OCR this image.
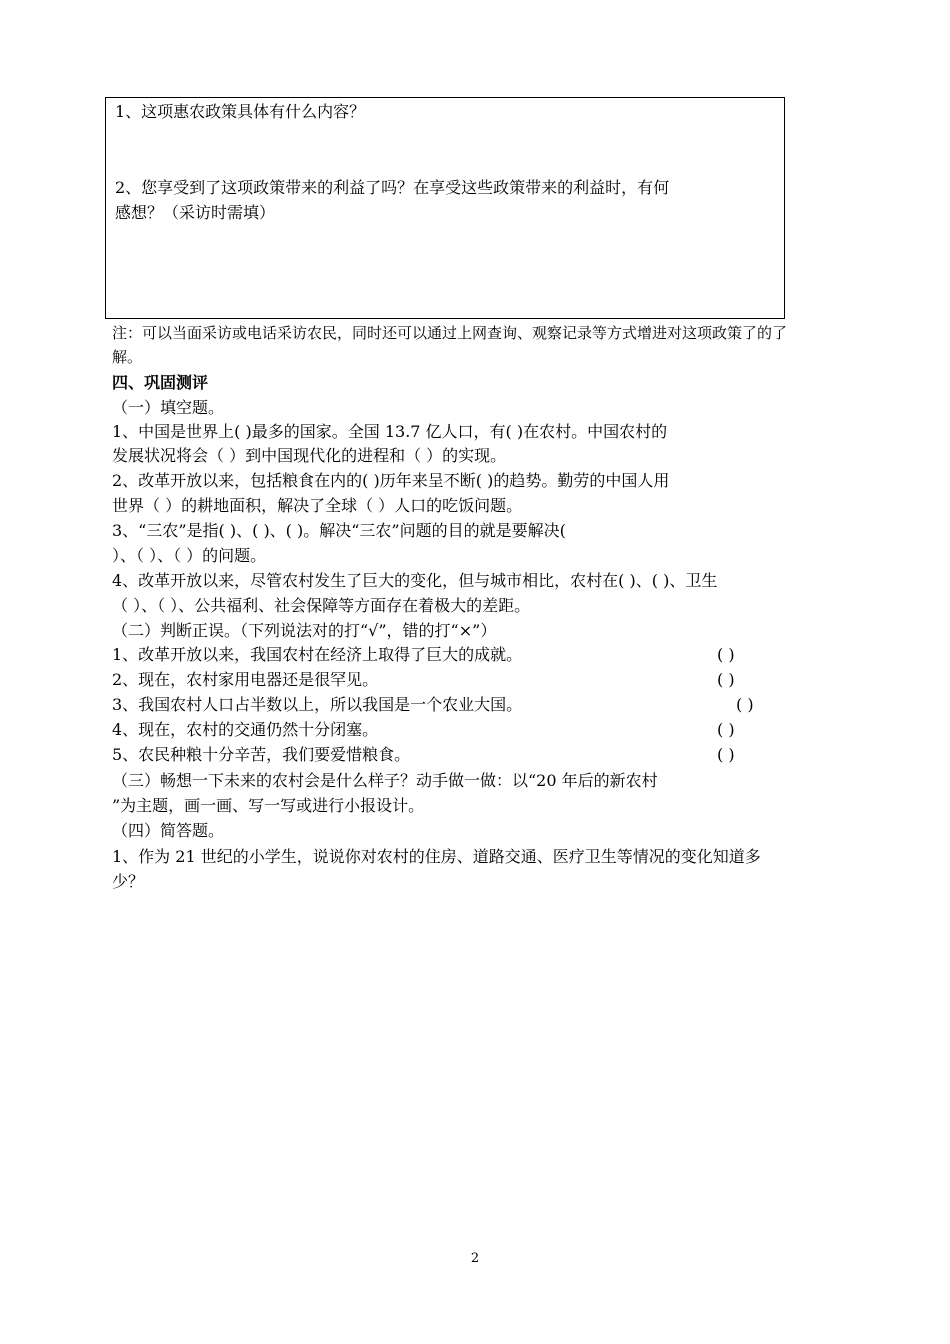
1、这项惠农政策具体有什么内容？

2、您享受到了这项政策带来的利益了吗？在享受这些政策带来的利益时，有何

感想？（采访时需填）

注：可以当面采访或电话采访农民，同时还可以通过上网查询、观察记录等方式增进对这项政策了的了

解。

四、巩固测评

（一）填空题。

1、中国是世界上( )最多的国家。全国 13.7 亿人口，有( )在农村。中国农村的

发展状况将会（ ）到中国现代化的进程和（ ）的实现。

2、改革开放以来，包括粮食在内的( )历年来呈不断( )的趋势。勤劳的中国人用

世界（ ）的耕地面积，解决了全球（ ）人口的吃饭问题。

3、“三农”是指( )、( )、( )。解决“三农”问题的目的就是要解决(

）、（ ）、（ ）的问题。

4、改革开放以来，尽管农村发生了巨大的变化，但与城市相比，农村在( )、( )、卫生

（ ）、（ ）、公共福利、社会保障等方面存在着极大的差距。

（二）判断正误。（下列说法对的打“√”，错的打“×”）

1、改革开放以来，我国农村在经济上取得了巨大的成就。	( )

2、现在，农村家用电器还是很罕见。	( )

3、我国农村人口占半数以上，所以我国是一个农业大国。	( )

4、现在，农村的交通仍然十分闭塞。	( )

5、农民种粮十分辛苦，我们要爱惜粮食。	( )

（三）畅想一下未来的农村会是什么样子？动手做一做：以“20 年后的新农村

”为主题，画一画、写一写或进行小报设计。

（四）简答题。

1、作为 21 世纪的小学生，说说你对农村的住房、道路交通、医疗卫生等情况的变化知道多

少？

2
